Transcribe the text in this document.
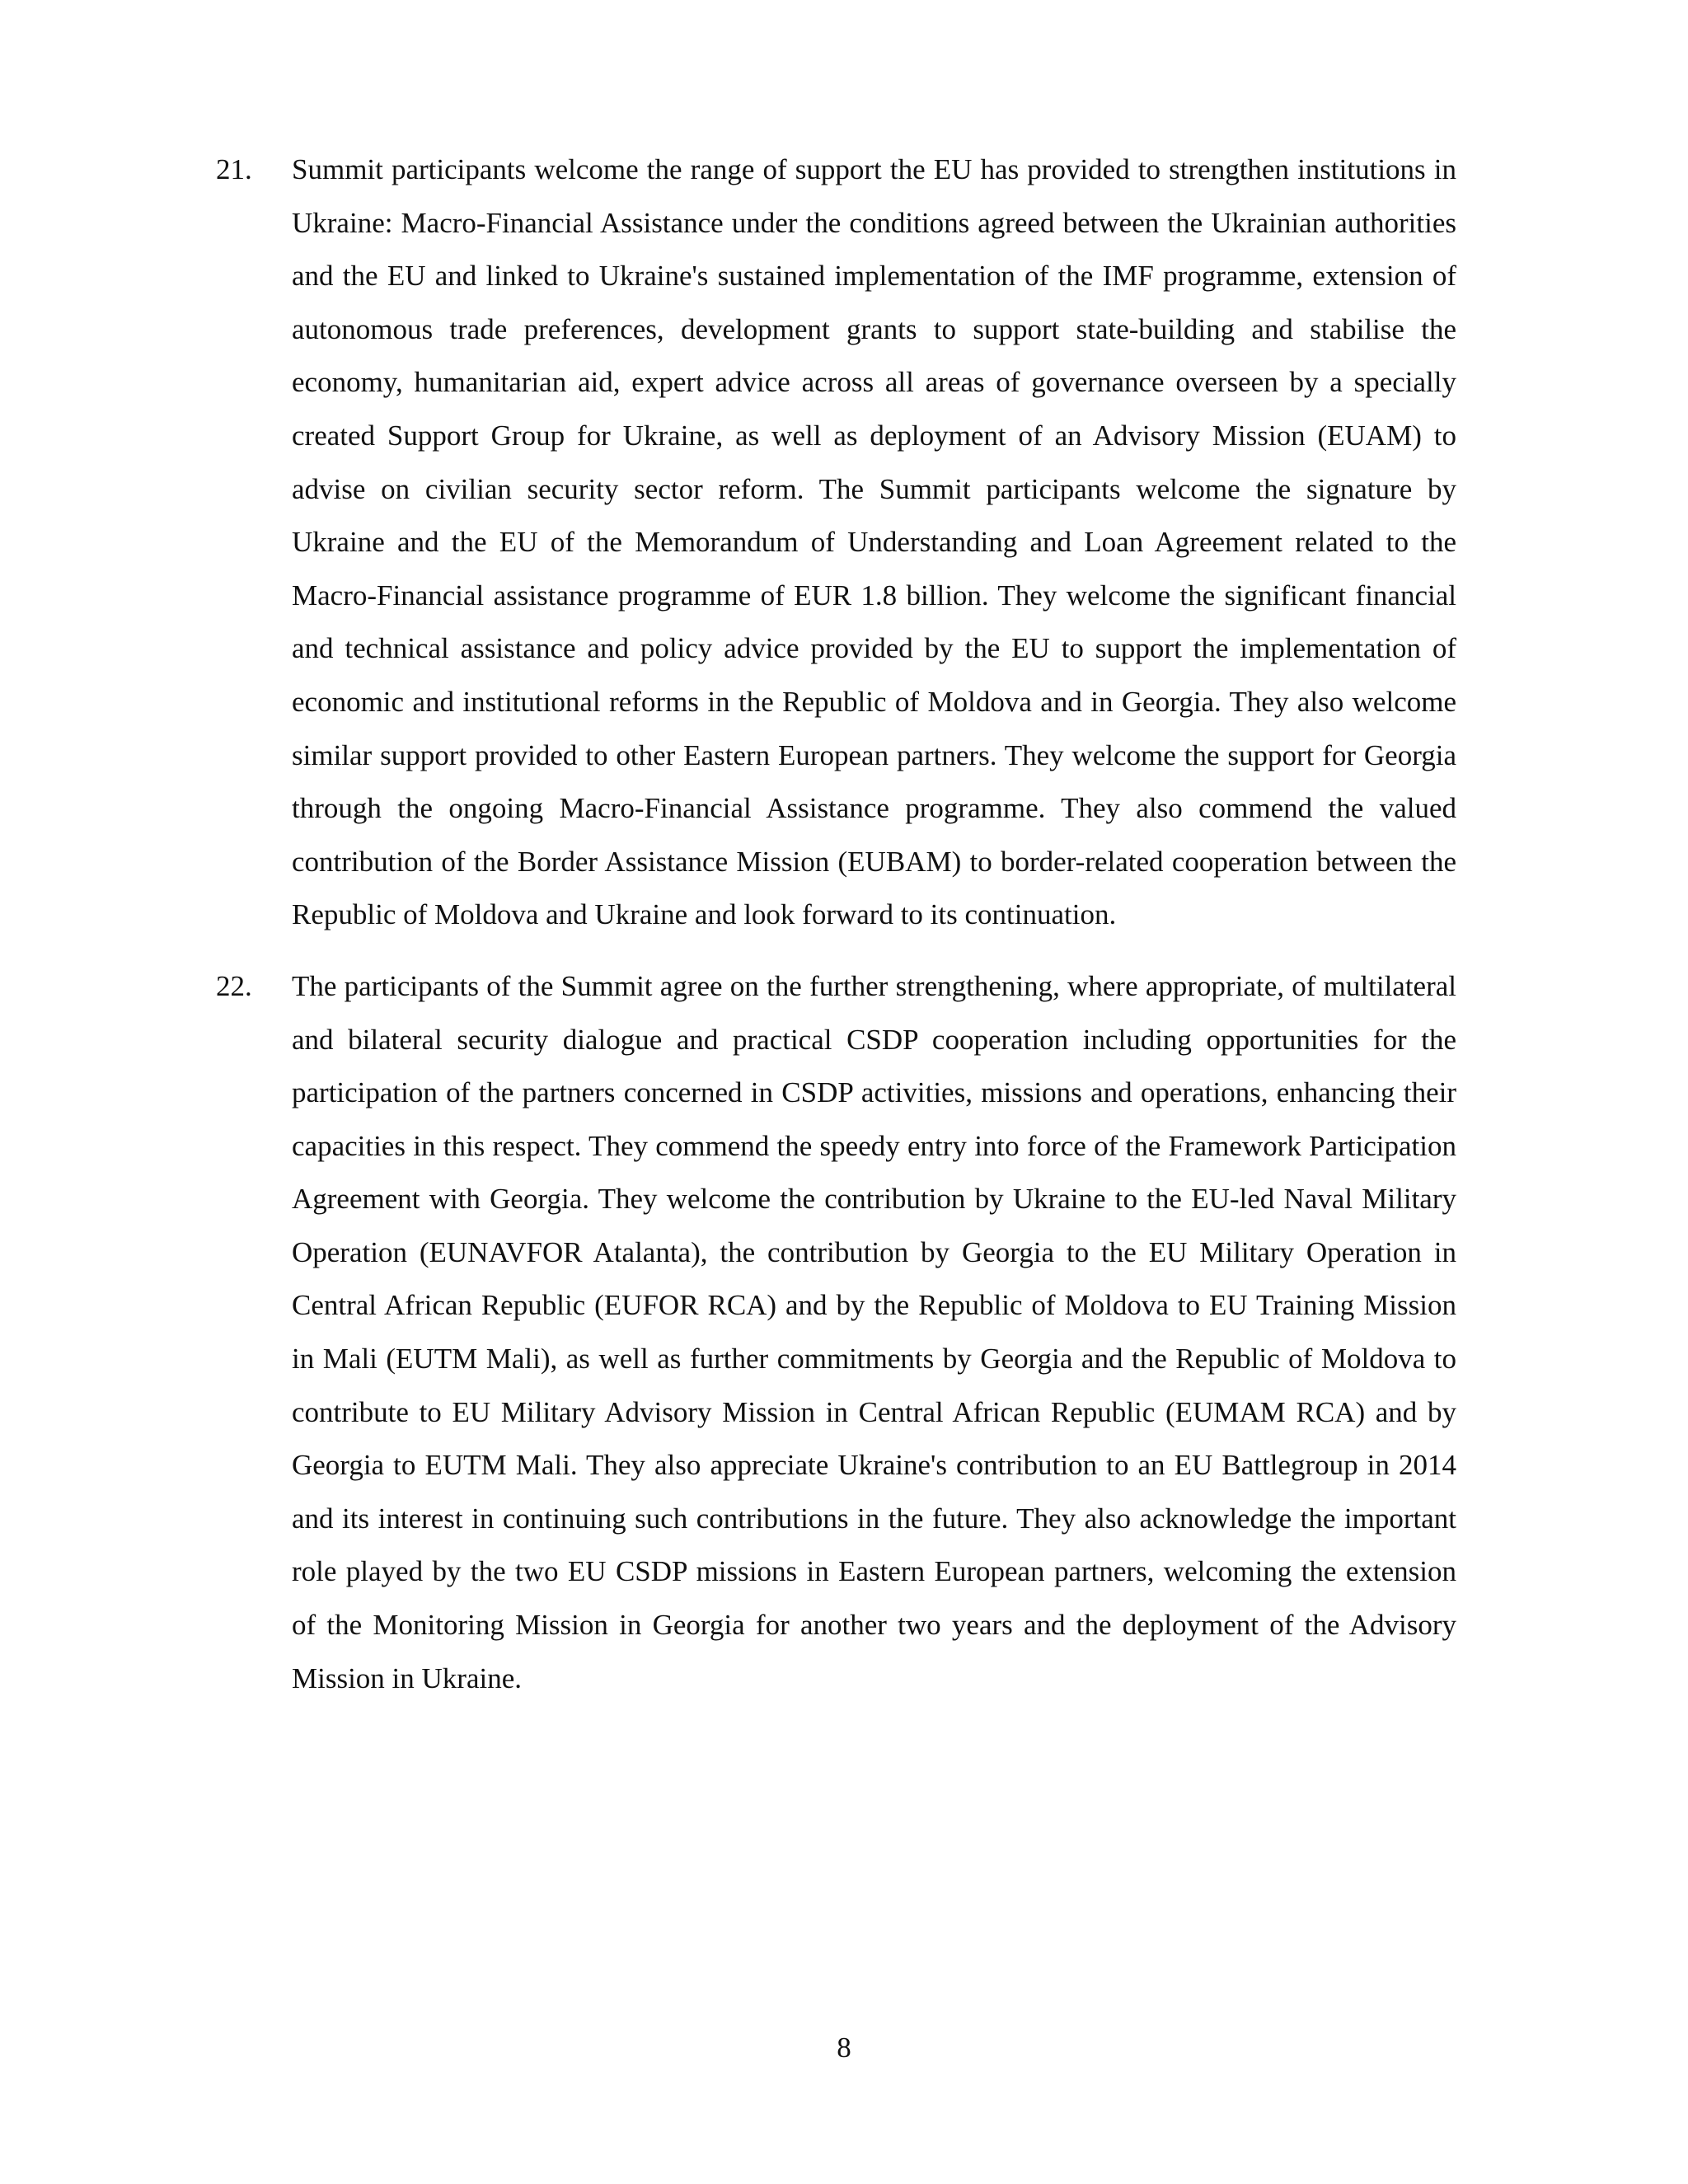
21.	Summit participants welcome the range of support the EU has provided to strengthen institutions in Ukraine: Macro-Financial Assistance under the conditions agreed between the Ukrainian authorities and the EU and linked to Ukraine's sustained implementation of the IMF programme, extension of autonomous trade preferences, development grants to support state-building and stabilise the economy, humanitarian aid, expert advice across all areas of governance overseen by a specially created Support Group for Ukraine, as well as deployment of an Advisory Mission (EUAM) to advise on civilian security sector reform. The Summit participants welcome the signature by Ukraine and the EU of the Memorandum of Understanding and Loan Agreement related to the Macro-Financial assistance programme of EUR 1.8 billion. They welcome the significant financial and technical assistance and policy advice provided by the EU to support the implementation of economic and institutional reforms in the Republic of Moldova and in Georgia. They also welcome similar support provided to other Eastern European partners. They welcome the support for Georgia through the ongoing Macro-Financial Assistance programme. They also commend the valued contribution of the Border Assistance Mission (EUBAM) to border-related cooperation between the Republic of Moldova and Ukraine and look forward to its continuation.
22.	The participants of the Summit agree on the further strengthening, where appropriate, of multilateral and bilateral security dialogue and practical CSDP cooperation including opportunities for the participation of the partners concerned in CSDP activities, missions and operations, enhancing their capacities in this respect. They commend the speedy entry into force of the Framework Participation Agreement with Georgia. They welcome the contribution by Ukraine to the EU-led Naval Military Operation (EUNAVFOR Atalanta), the contribution by Georgia to the EU Military Operation in Central African Republic (EUFOR RCA) and by the Republic of Moldova to EU Training Mission in Mali (EUTM Mali), as well as further commitments by Georgia and the Republic of Moldova to contribute to EU Military Advisory Mission in Central African Republic (EUMAM RCA) and by Georgia to EUTM Mali. They also appreciate Ukraine's contribution to an EU Battlegroup in 2014 and its interest in continuing such contributions in the future. They also acknowledge the important role played by the two EU CSDP missions in Eastern European partners, welcoming the extension of the Monitoring Mission in Georgia for another two years and the deployment of the Advisory Mission in Ukraine.
8
